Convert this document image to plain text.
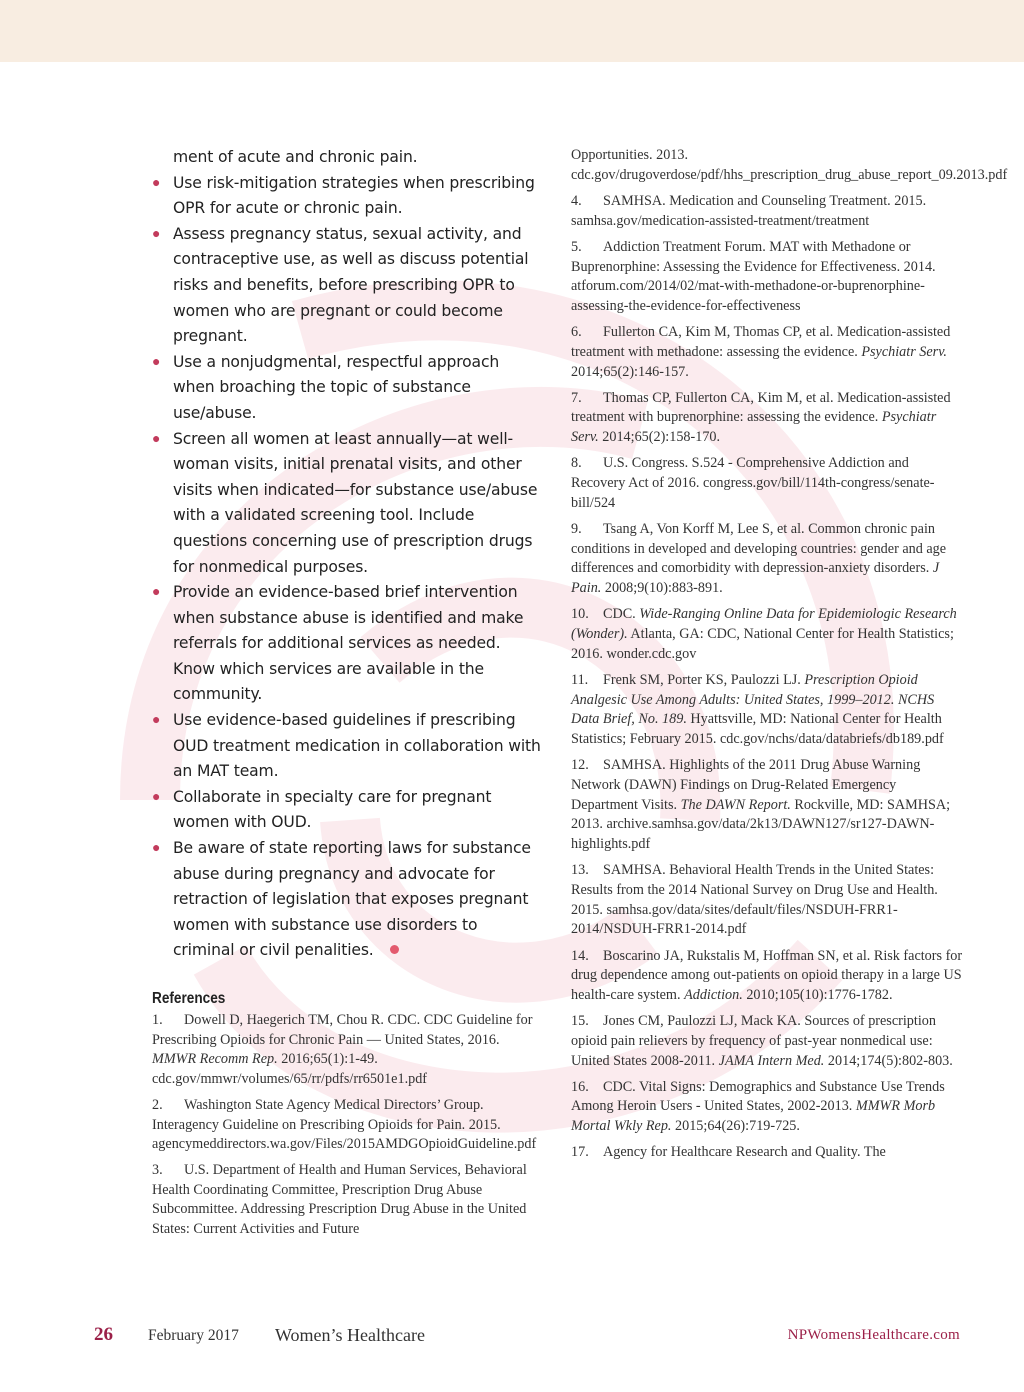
ment of acute and chronic pain.
● Use risk-mitigation strategies when prescribing OPR for acute or chronic pain.
● Assess pregnancy status, sexual activity, and contraceptive use, as well as discuss potential risks and benefits, before prescribing OPR to women who are pregnant or could become pregnant.
● Use a nonjudgmental, respectful approach when broaching the topic of substance use/abuse.
● Screen all women at least annually—at well-woman visits, initial prenatal visits, and other visits when indicated—for substance use/abuse with a validated screening tool. Include questions concerning use of prescription drugs for nonmedical purposes.
● Provide an evidence-based brief intervention when substance abuse is identified and make referrals for additional services as needed. Know which services are available in the community.
● Use evidence-based guidelines if prescribing OUD treatment medication in collaboration with an MAT team.
● Collaborate in specialty care for pregnant women with OUD.
● Be aware of state reporting laws for substance abuse during pregnancy and advocate for retraction of legislation that exposes pregnant women with substance use disorders to criminal or civil penalities.
References

1. Dowell D, Haegerich TM, Chou R. CDC. CDC Guideline for Prescribing Opioids for Chronic Pain — United States, 2016. MMWR Recomm Rep. 2016;65(1):1-49. cdc.gov/mmwr/volumes/65/rr/pdfs/rr6501e1.pdf

2. Washington State Agency Medical Directors’ Group. Interagency Guideline on Prescribing Opioids for Pain. 2015. agencymeddirectors.wa.gov/Files/2015AMDGOpioidGuideline.pdf

3. U.S. Department of Health and Human Services, Behavioral Health Coordinating Committee, Prescription Drug Abuse Subcommittee. Addressing Prescription Drug Abuse in the United States: Current Activities and Future

Opportunities. 2013. cdc.gov/drugoverdose/pdf/hhs_prescription_drug_abuse_report_09.2013.pdf

4. SAMHSA. Medication and Counseling Treatment. 2015. samhsa.gov/medication-assisted-treatment/treatment

5. Addiction Treatment Forum. MAT with Methadone or Buprenorphine: Assessing the Evidence for Effectiveness. 2014. atforum.com/2014/02/mat-with-methadone-or-buprenorphine-assessing-the-evidence-for-effectiveness

6. Fullerton CA, Kim M, Thomas CP, et al. Medication-assisted treatment with methadone: assessing the evidence. Psychiatr Serv. 2014;65(2):146-157.

7. Thomas CP, Fullerton CA, Kim M, et al. Medication-assisted treatment with buprenorphine: assessing the evidence. Psychiatr Serv. 2014;65(2):158-170.

8. U.S. Congress. S.524 - Comprehensive Addiction and Recovery Act of 2016. congress.gov/bill/114th-congress/senate-bill/524

9. Tsang A, Von Korff M, Lee S, et al. Common chronic pain conditions in developed and developing countries: gender and age differences and comorbidity with depression-anxiety disorders. J Pain. 2008;9(10):883-891.

10. CDC. Wide-Ranging Online Data for Epidemiologic Research (Wonder). Atlanta, GA: CDC, National Center for Health Statistics; 2016. wonder.cdc.gov

11. Frenk SM, Porter KS, Paulozzi LJ. Prescription Opioid Analgesic Use Among Adults: United States, 1999–2012. NCHS Data Brief, No. 189. Hyattsville, MD: National Center for Health Statistics; February 2015. cdc.gov/nchs/data/databriefs/db189.pdf

12. SAMHSA. Highlights of the 2011 Drug Abuse Warning Network (DAWN) Findings on Drug-Related Emergency Department Visits. The DAWN Report. Rockville, MD: SAMHSA; 2013. archive.samhsa.gov/data/2k13/DAWN127/sr127-DAWN-highlights.pdf

13. SAMHSA. Behavioral Health Trends in the United States: Results from the 2014 National Survey on Drug Use and Health. 2015. samhsa.gov/data/sites/default/files/NSDUH-FRR1-2014/NSDUH-FRR1-2014.pdf

14. Boscarino JA, Rukstalis M, Hoffman SN, et al. Risk factors for drug dependence among out-patients on opioid therapy in a large US health-care system. Addiction. 2010;105(10):1776-1782.

15. Jones CM, Paulozzi LJ, Mack KA. Sources of prescription opioid pain relievers by frequency of past-year nonmedical use: United States 2008-2011. JAMA Intern Med. 2014;174(5):802-803.

16. CDC. Vital Signs: Demographics and Substance Use Trends Among Heroin Users - United States, 2002-2013. MMWR Morb Mortal Wkly Rep. 2015;64(26):719-725.

17. Agency for Healthcare Research and Quality. The

26 February 2017 Women’s Healthcare	NPWomensHealthcare.com
